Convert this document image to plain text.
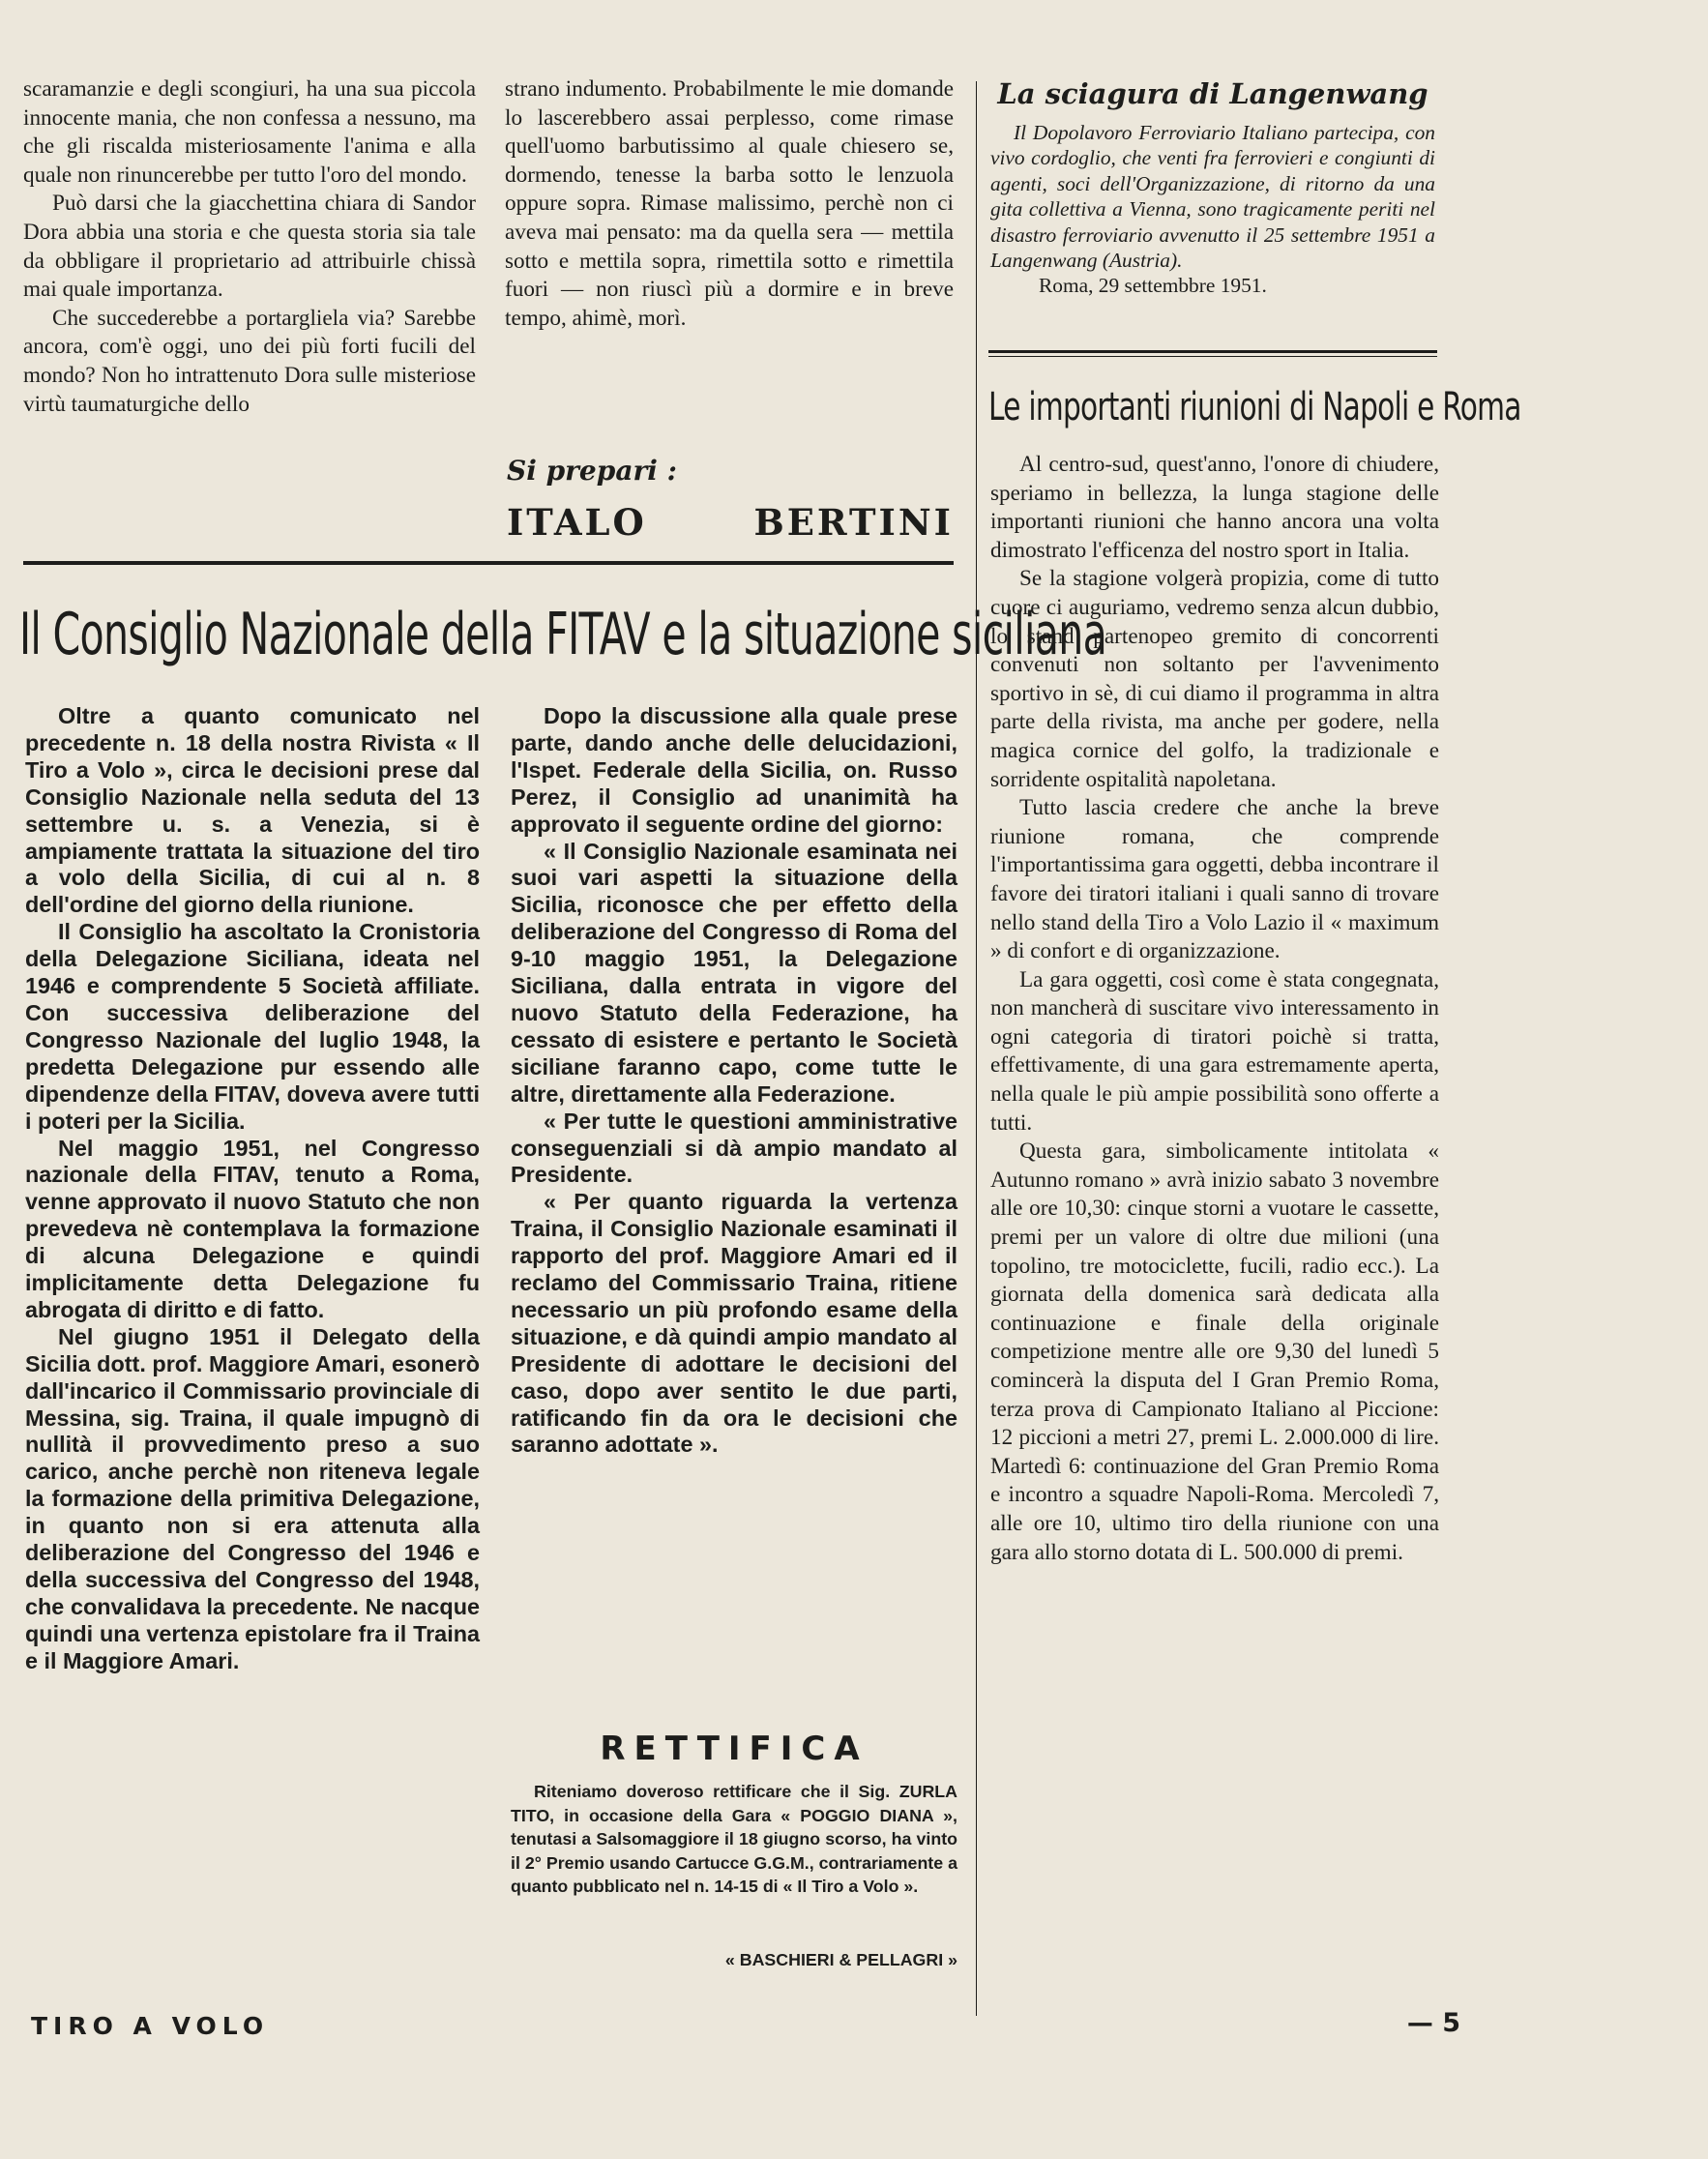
scaramanzie e degli scongiuri, ha una sua piccola innocente mania, che non confessa a nessuno, ma che gli riscalda misteriosamente l'anima e alla quale non rinuncerebbe per tutto l'oro del mondo.

Può darsi che la giacchettina chiara di Sandor Dora abbia una storia e che questa storia sia tale da obbligare il proprietario ad attribuirle chissà mai quale importanza.

Che succederebbe a portargliela via? Sarebbe ancora, com'è oggi, uno dei più forti fucili del mondo? Non ho intrattenuto Dora sulle misteriose virtù taumaturgiche dello

strano indumento. Probabilmente le mie domande lo lascerebbero assai perplesso, come rimase quell'uomo barbutissimo al quale chiesero se, dormendo, tenesse la barba sotto le lenzuola oppure sopra. Rimase malissimo, perchè non ci aveva mai pensato: ma da quella sera — mettila sotto e mettila sopra, rimettila sotto e rimettila fuori — non riuscì più a dormire e in breve tempo, ahimè, morì.

Si prepari :
ITALO BERTINI
La sciagura di Langenwang

Il Dopolavoro Ferroviario Italiano partecipa, con vivo cordoglio, che venti fra ferrovieri e congiunti di agenti, soci dell'Organizzazione, di ritorno da una gita collettiva a Vienna, sono tragicamente periti nel disastro ferroviario avvenutto il 25 settembre 1951 a Langenwang (Austria).

Roma, 29 settembbre 1951.

Le importanti riunioni di Napoli e Roma

Al centro-sud, quest'anno, l'onore di chiudere, speriamo in bellezza, la lunga stagione delle importanti riunioni che hanno ancora una volta dimostrato l'efficenza del nostro sport in Italia.

Se la stagione volgerà propizia, come di tutto cuore ci auguriamo, vedremo senza alcun dubbio, lo stand partenopeo gremito di concorrenti convenuti non soltanto per l'avvenimento sportivo in sè, di cui diamo il programma in altra parte della rivista, ma anche per godere, nella magica cornice del golfo, la tradizionale e sorridente ospitalità napoletana.

Tutto lascia credere che anche la breve riunione romana, che comprende l'importantissima gara oggetti, debba incontrare il favore dei tiratori italiani i quali sanno di trovare nello stand della Tiro a Volo Lazio il « maximum » di confort e di organizzazione.

La gara oggetti, così come è stata congegnata, non mancherà di suscitare vivo interessamento in ogni categoria di tiratori poichè si tratta, effettivamente, di una gara estremamente aperta, nella quale le più ampie possibilità sono offerte a tutti.

Questa gara, simbolicamente intitolata « Autunno romano » avrà inizio sabato 3 novembre alle ore 10,30: cinque storni a vuotare le cassette, premi per un valore di oltre due milioni (una topolino, tre motociclette, fucili, radio ecc.). La giornata della domenica sarà dedicata alla continuazione e finale della originale competizione mentre alle ore 9,30 del lunedì 5 comincerà la disputa del I Gran Premio Roma, terza prova di Campionato Italiano al Piccione: 12 piccioni a metri 27, premi L. 2.000.000 di lire. Martedì 6: continuazione del Gran Premio Roma e incontro a squadre Napoli-Roma. Mercoledì 7, alle ore 10, ultimo tiro della riunione con una gara allo storno dotata di L. 500.000 di premi.

Il Consiglio Nazionale della FITAV e la situazione siciliana

Oltre a quanto comunicato nel precedente n. 18 della nostra Rivista « Il Tiro a Volo », circa le decisioni prese dal Consiglio Nazionale nella seduta del 13 settembre u. s. a Venezia, si è ampiamente trattata la situazione del tiro a volo della Sicilia, di cui al n. 8 dell'ordine del giorno della riunione.

Il Consiglio ha ascoltato la Cronistoria della Delegazione Siciliana, ideata nel 1946 e comprendente 5 Società affiliate. Con successiva deliberazione del Congresso Nazionale del luglio 1948, la predetta Delegazione pur essendo alle dipendenze della FITAV, doveva avere tutti i poteri per la Sicilia.

Nel maggio 1951, nel Congresso nazionale della FITAV, tenuto a Roma, venne approvato il nuovo Statuto che non prevedeva nè contemplava la formazione di alcuna Delegazione e quindi implicitamente detta Delegazione fu abrogata di diritto e di fatto.

Nel giugno 1951 il Delegato della Sicilia dott. prof. Maggiore Amari, esonerò dall'incarico il Commissario provinciale di Messina, sig. Traina, il quale impugnò di nullità il provvedimento preso a suo carico, anche perchè non riteneva legale la formazione della primitiva Delegazione, in quanto non si era attenuta alla deliberazione del Congresso del 1946 e della successiva del Congresso del 1948, che convalidava la precedente. Ne nacque quindi una vertenza epistolare fra il Traina e il Maggiore Amari.

Dopo la discussione alla quale prese parte, dando anche delle delucidazioni, l'Ispet. Federale della Sicilia, on. Russo Perez, il Consiglio ad unanimità ha approvato il seguente ordine del giorno:

« Il Consiglio Nazionale esaminata nei suoi vari aspetti la situazione della Sicilia, riconosce che per effetto della deliberazione del Congresso di Roma del 9-10 maggio 1951, la Delegazione Siciliana, dalla entrata in vigore del nuovo Statuto della Federazione, ha cessato di esistere e pertanto le Società siciliane faranno capo, come tutte le altre, direttamente alla Federazione.

« Per tutte le questioni amministrative conseguenziali si dà ampio mandato al Presidente.

« Per quanto riguarda la vertenza Traina, il Consiglio Nazionale esaminati il rapporto del prof. Maggiore Amari ed il reclamo del Commissario Traina, ritiene necessario un più profondo esame della situazione, e dà quindi ampio mandato al Presidente di adottare le decisioni del caso, dopo aver sentito le due parti, ratificando fin da ora le decisioni che saranno adottate ».

RETTIFICA
Riteniamo doveroso rettificare che il Sig. ZURLA TITO, in occasione della Gara « POGGIO DIANA », tenutasi a Salsomaggiore il 18 giugno scorso, ha vinto il 2° Premio usando Cartucce G.G.M., contrariamente a quanto pubblicato nel n. 14-15 di « Il Tiro a Volo ».
« BASCHIERI & PELLAGRI »
TIRO A VOLO	— 5
